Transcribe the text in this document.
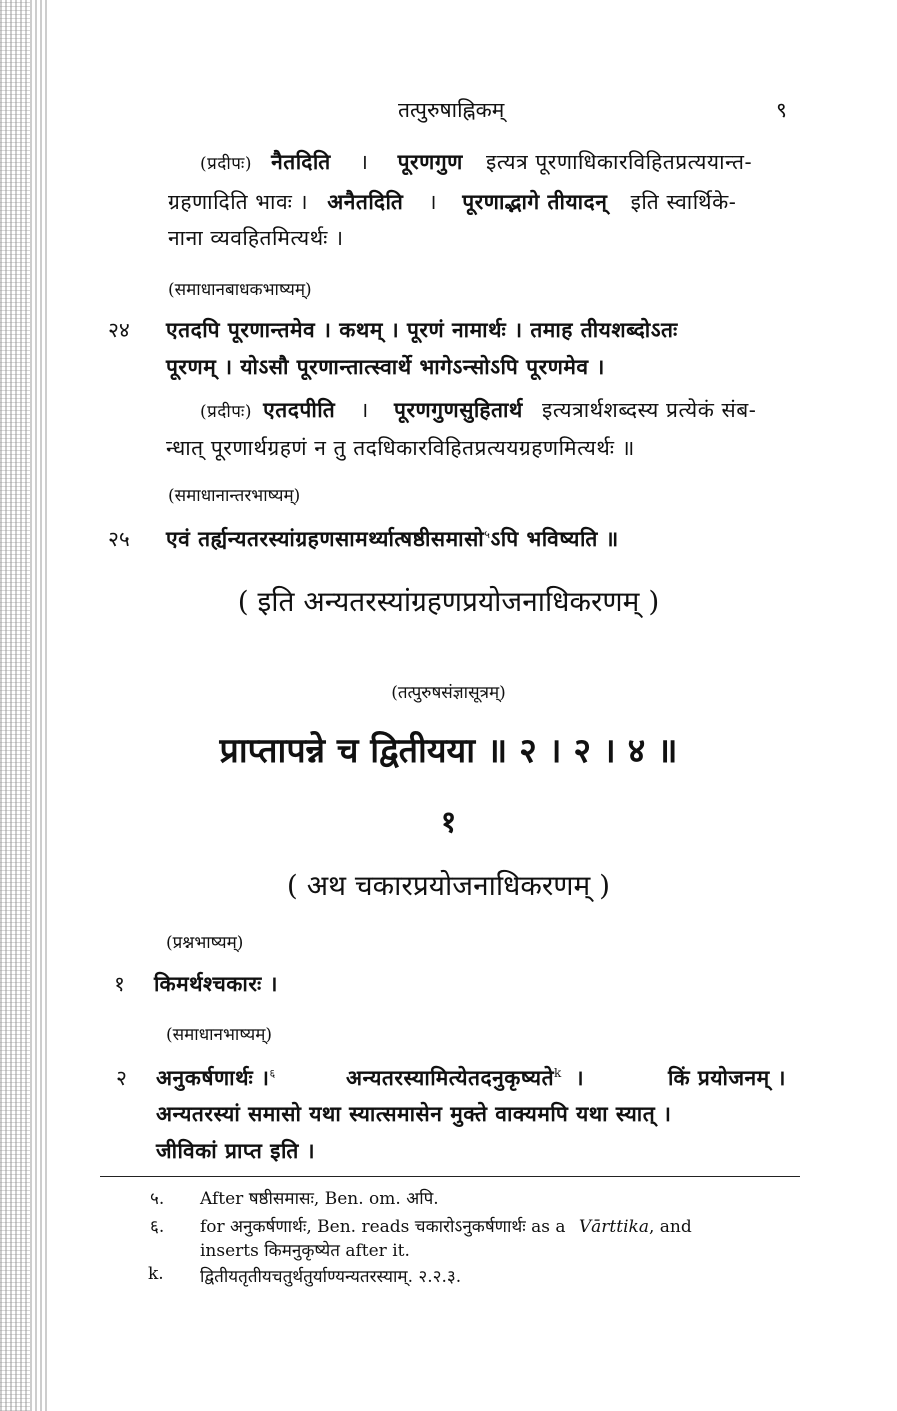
तत्पुरुषाह्निकम्	९
(प्रदीपः) नैतदिति । पूरणगुण इत्यत्र पूरणाधिकारविहितप्रत्ययान्त-
ग्रहणादिति भावः । अनैतदिति । पूरणाद्भागे तीयादन् इति स्वार्थिके-
नाना व्यवहितमित्यर्थः ।
(समाधानबाधकभाष्यम्)
२४ एतदपि पूरणान्तमेव । कथम् । पूरणं नामार्थः । तमाह तीयशब्दोऽतः
पूरणम् । योऽसौ पूरणान्तात्स्वार्थे भागेऽन्सोऽपि पूरणमेव ।
(प्रदीपः) एतदपीति । पूरणगुणसुहितार्थ इत्यत्रार्थशब्दस्य प्रत्येकं संब-
न्धात् पूरणार्थग्रहणं न तु तदधिकारविहितप्रत्ययग्रहणमित्यर्थः ॥
(समाधानान्तरभाष्यम्)
२५ एवं तर्ह्यन्यतरस्यांग्रहणसामर्थ्यात्षष्ठीसमासो$^५$ऽपि भविष्यति ॥
( इति अन्यतरस्यांग्रहणप्रयोजनाधिकरणम् )
(तत्पुरुषसंज्ञासूत्रम्)
प्राप्तापन्ने च द्वितीयया ॥ २ । २ । ४ ॥
१
( अथ चकारप्रयोजनाधिकरणम् )
(प्रश्नभाष्यम्)
१ किमर्थश्चकारः ।
(समाधानभाष्यम्)
२ अनुकर्षणार्थः ।$^६$	अन्यतरस्यामित्येतदनुकृष्यते$^k$ ।	किं प्रयोजनम् ।
अन्यतरस्यां समासो यथा स्यात्समासेन मुक्ते वाक्यमपि यथा स्यात् ।
जीविकां प्राप्त इति ।
५. After षष्ठीसमासः, Ben. om. अपि.
६. for अनुकर्षणार्थः, Ben. reads चकारोऽनुकर्षणार्थः as a Vārttika, and
inserts किमनुकृष्येत after it.
k. द्वितीयतृतीयचतुर्थतुर्याण्यन्यतरस्याम्. २.२.३.
